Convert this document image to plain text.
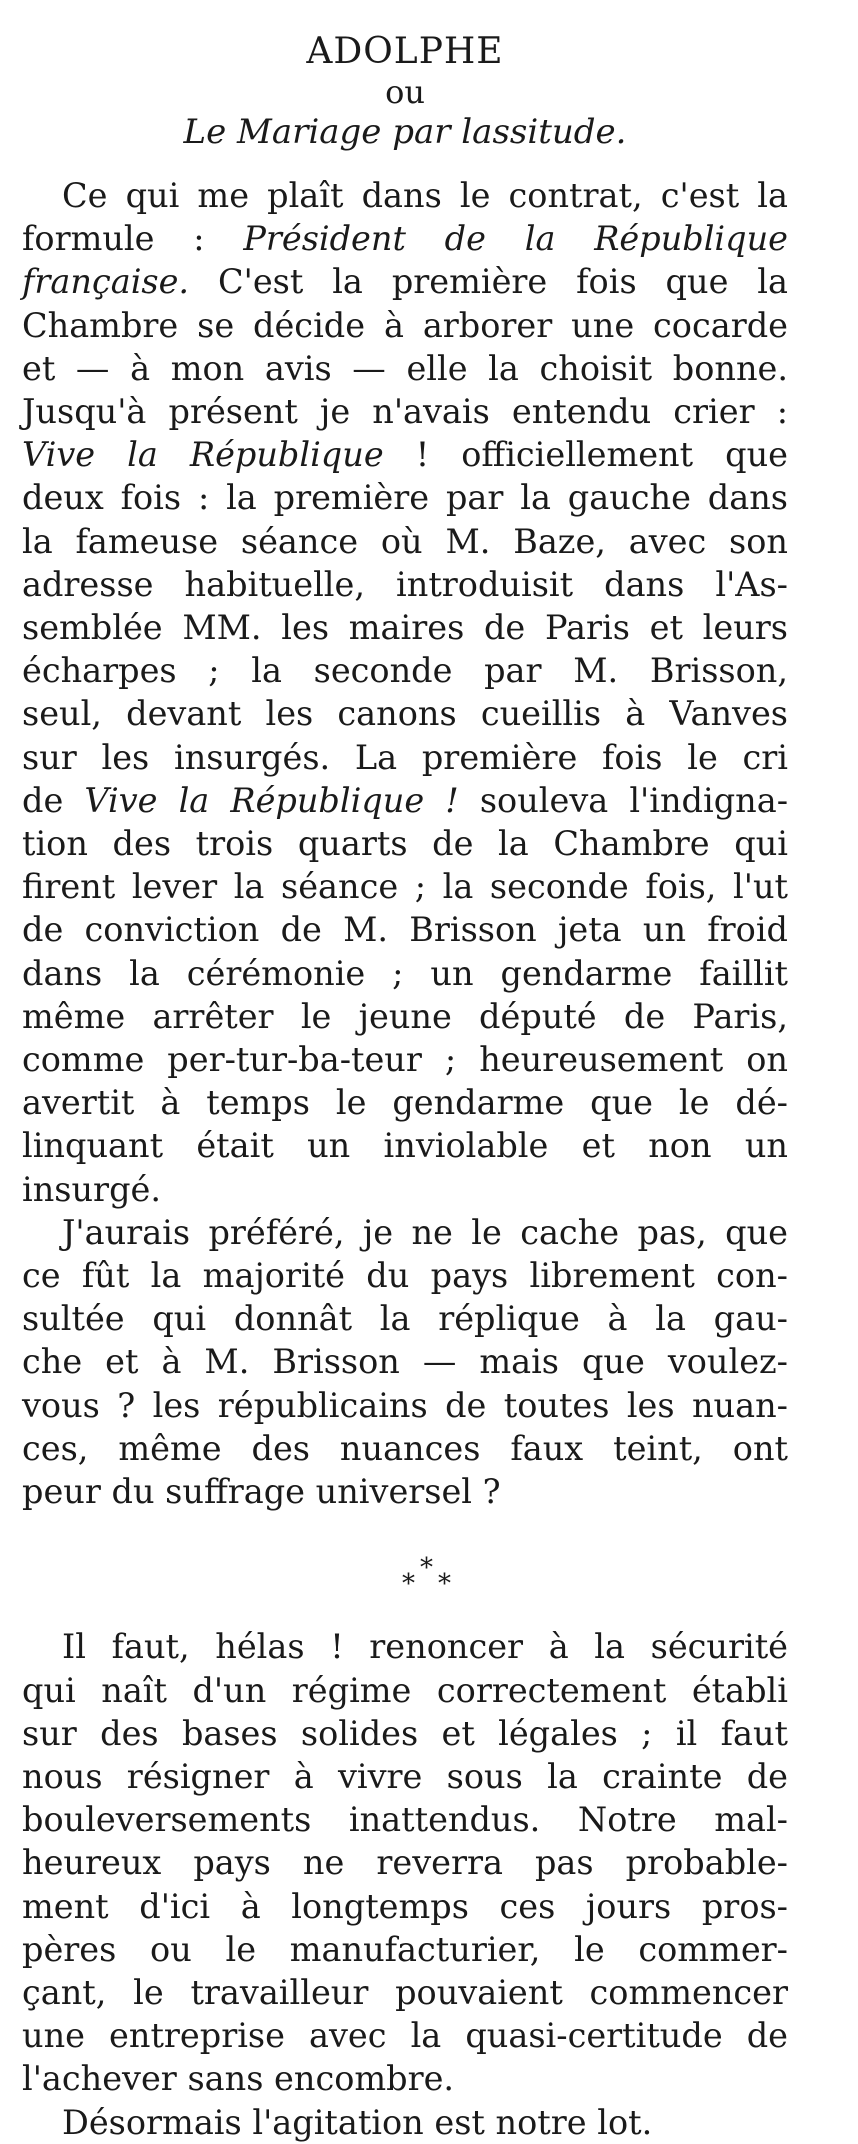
ADOLPHE
ou
Le Mariage par lassitude.
Ce qui me plaît dans le contrat, c'est la
formule : Président de la République
française. C'est la première fois que la
Chambre se décide à arborer une cocarde
et — à mon avis — elle la choisit bonne.
Jusqu'à présent je n'avais entendu crier :
Vive la République ! officiellement que
deux fois : la première par la gauche dans
la fameuse séance où M. Baze, avec son
adresse habituelle, introduisit dans l'As-
semblée MM. les maires de Paris et leurs
écharpes ; la seconde par M. Brisson,
seul, devant les canons cueillis à Vanves
sur les insurgés. La première fois le cri
de Vive la République ! souleva l'indigna-
tion des trois quarts de la Chambre qui
firent lever la séance ; la seconde fois, l'ut
de conviction de M. Brisson jeta un froid
dans la cérémonie ; un gendarme faillit
même arrêter le jeune député de Paris,
comme per-tur-ba-teur ; heureusement on
avertit à temps le gendarme que le dé-
linquant était un inviolable et non un
insurgé.
J'aurais préféré, je ne le cache pas, que
ce fût la majorité du pays librement con-
sultée qui donnât la réplique à la gau-
che et à M. Brisson — mais que voulez-
vous ? les républicains de toutes les nuan-
ces, même des nuances faux teint, ont
peur du suffrage universel ?
*
* *
Il faut, hélas ! renoncer à la sécurité
qui naît d'un régime correctement établi
sur des bases solides et légales ; il faut
nous résigner à vivre sous la crainte de
bouleversements inattendus. Notre mal-
heureux pays ne reverra pas probable-
ment d'ici à longtemps ces jours pros-
pères ou le manufacturier, le commer-
çant, le travailleur pouvaient commencer
une entreprise avec la quasi-certitude de
l'achever sans encombre.
Désormais l'agitation est notre lot.
